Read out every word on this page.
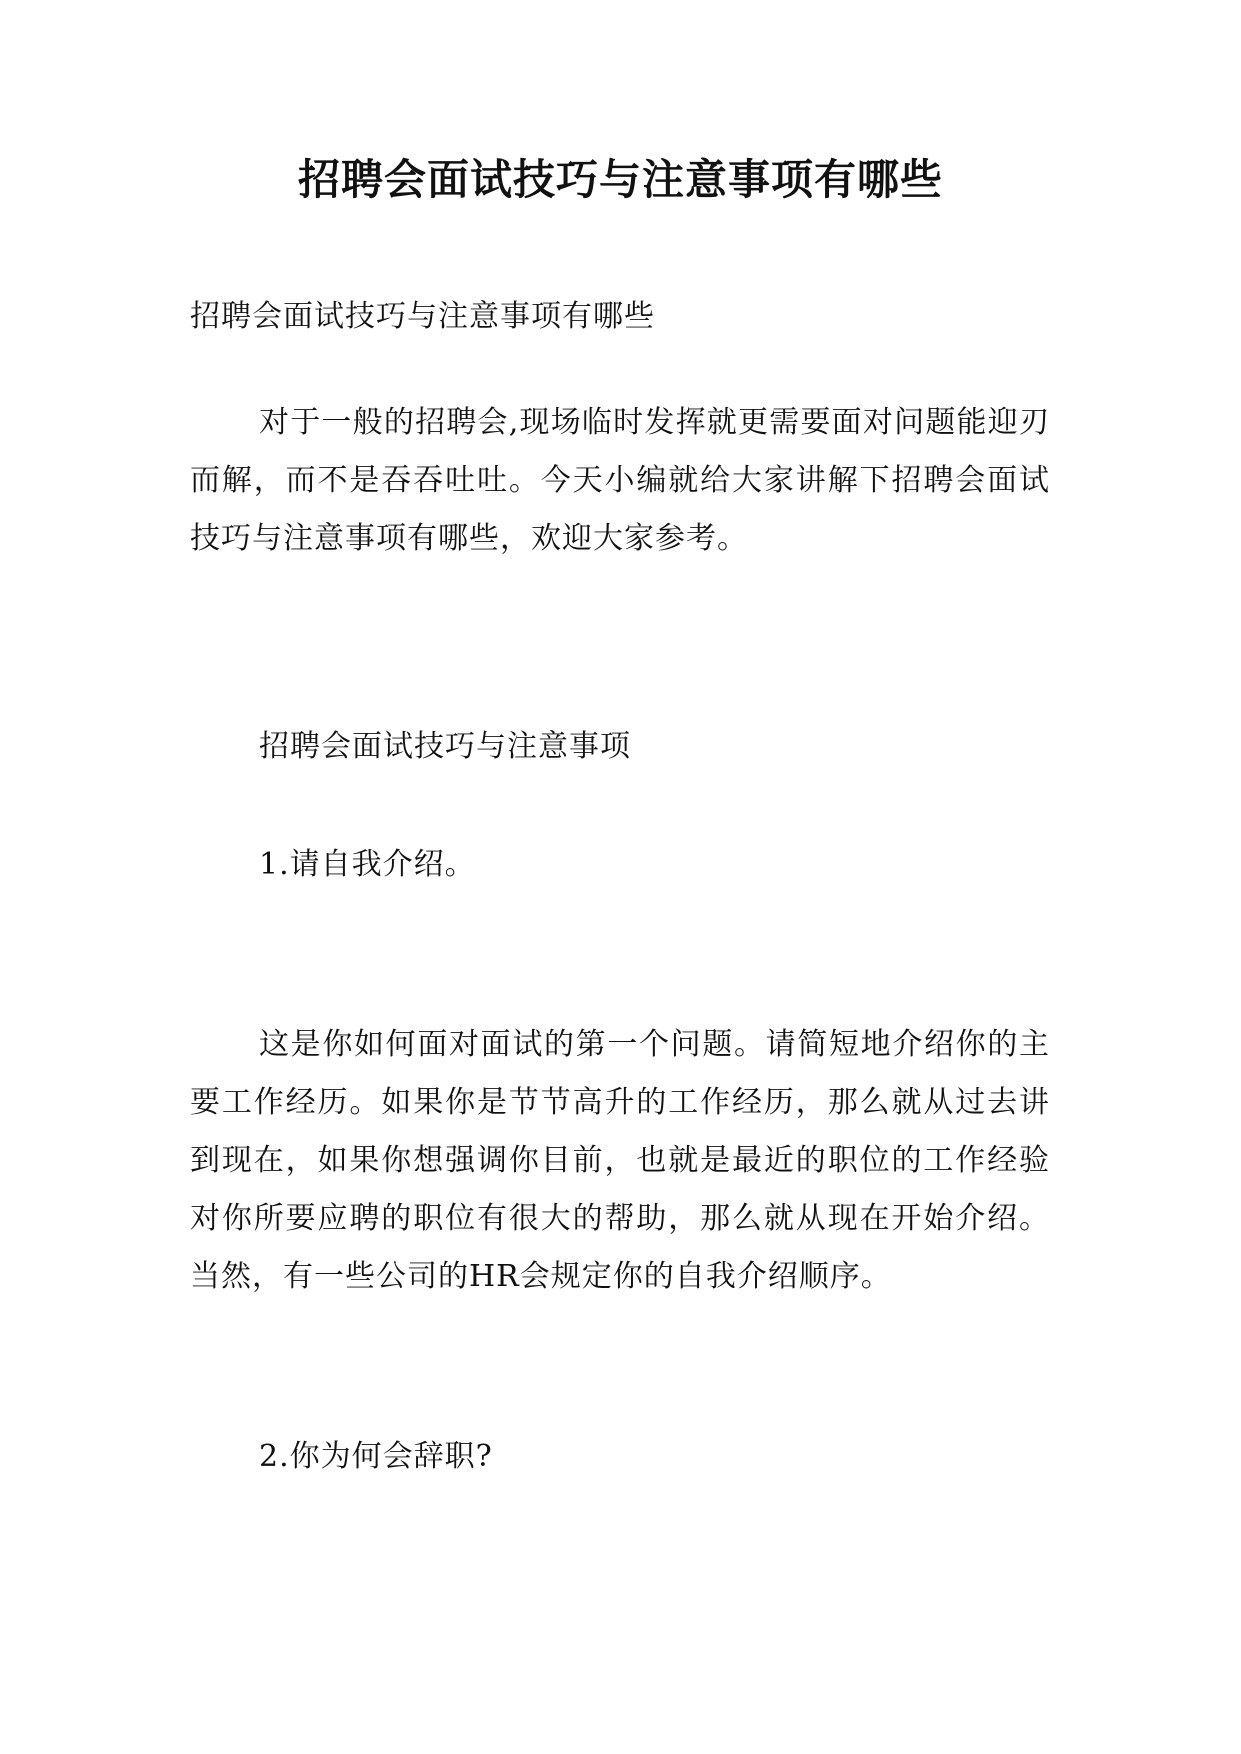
招聘会面试技巧与注意事项有哪些

招聘会面试技巧与注意事项有哪些

对于一般的招聘会,现场临时发挥就更需要面对问题能迎刃而解，而不是吞吞吐吐。今天小编就给大家讲解下招聘会面试技巧与注意事项有哪些，欢迎大家参考。

招聘会面试技巧与注意事项

1.请自我介绍。

这是你如何面对面试的第一个问题。请简短地介绍你的主要工作经历。如果你是节节高升的工作经历，那么就从过去讲到现在，如果你想强调你目前，也就是最近的职位的工作经验对你所要应聘的职位有很大的帮助，那么就从现在开始介绍。当然，有一些公司的HR会规定你的自我介绍顺序。

2.你为何会辞职?
